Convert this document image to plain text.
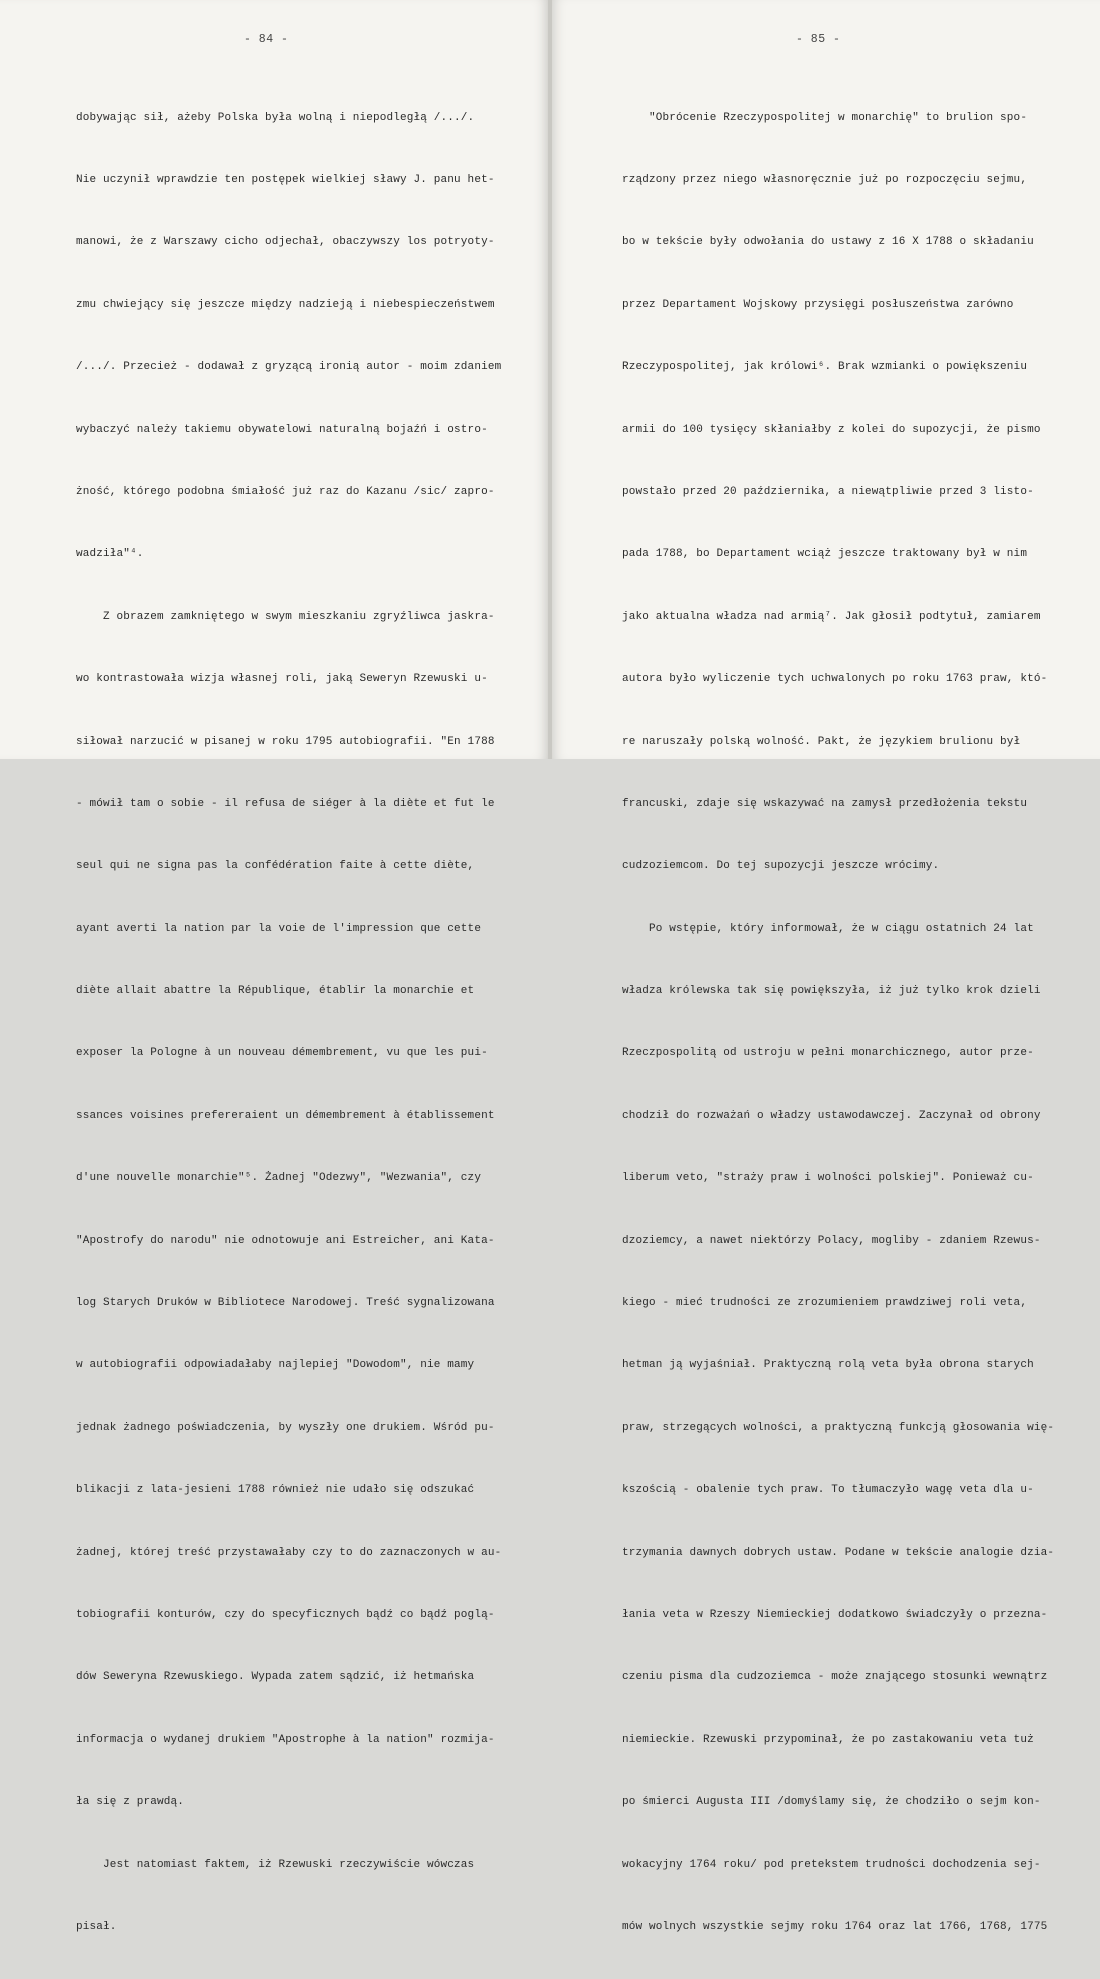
- 84 -

dobywając sił, ażeby Polska była wolną i niepodległą /.../.

Nie uczynił wprawdzie ten postępek wielkiej sławy J. panu het-

manowi, że z Warszawy cicho odjechał, obaczywszy los potryoty-

zmu chwiejący się jeszcze między nadzieją i niebespieczeństwem

/.../. Przecież - dodawał z gryzącą ironią autor - moim zdaniem

wybaczyć należy takiemu obywatelowi naturalną bojaźń i ostro-

żność, którego podobna śmiałość już raz do Kazanu /sic/ zapro-

wadziła"⁴.

Z obrazem zamkniętego w swym mieszkaniu zgryźliwca jaskra-

wo kontrastowała wizja własnej roli, jaką Seweryn Rzewuski u-

siłował narzucić w pisanej w roku 1795 autobiografii. "En 1788

- mówił tam o sobie - il refusa de siéger à la diète et fut le

seul qui ne signa pas la confédération faite à cette diète,

ayant averti la nation par la voie de l'impression que cette

diète allait abattre la République, établir la monarchie et

exposer la Pologne à un nouveau démembrement, vu que les pui-

ssances voisines prefereraient un démembrement à établissement

d'une nouvelle monarchie"⁵. Żadnej "Odezwy", "Wezwania", czy

"Apostrofy do narodu" nie odnotowuje ani Estreicher, ani Kata-

log Starych Druków w Bibliotece Narodowej. Treść sygnalizowana

w autobiografii odpowiadałaby najlepiej "Dowodom", nie mamy

jednak żadnego poświadczenia, by wyszły one drukiem. Wśród pu-

blikacji z lata-jesieni 1788 również nie udało się odszukać

żadnej, której treść przystawałaby czy to do zaznaczonych w au-

tobiografii konturów, czy do specyficznych bądź co bądź poglą-

dów Seweryna Rzewuskiego. Wypada zatem sądzić, iż hetmańska

informacja o wydanej drukiem "Apostrophe à la nation" rozmija-

ła się z prawdą.

Jest natomiast faktem, iż Rzewuski rzeczywiście wówczas

pisał.

- 85 -

"Obrócenie Rzeczypospolitej w monarchię" to brulion spo-

rządzony przez niego własnoręcznie już po rozpoczęciu sejmu,

bo w tekście były odwołania do ustawy z 16 X 1788 o składaniu

przez Departament Wojskowy przysięgi posłuszeństwa zarówno

Rzeczypospolitej, jak królowi⁶. Brak wzmianki o powiększeniu

armii do 100 tysięcy skłaniałby z kolei do supozycji, że pismo

powstało przed 20 października, a niewątpliwie przed 3 listo-

pada 1788, bo Departament wciąż jeszcze traktowany był w nim

jako aktualna władza nad armią⁷. Jak głosił podtytuł, zamiarem

autora było wyliczenie tych uchwalonych po roku 1763 praw, któ-

re naruszały polską wolność. Pakt, że językiem brulionu był

francuski, zdaje się wskazywać na zamysł przedłożenia tekstu

cudzoziemcom. Do tej supozycji jeszcze wrócimy.

Po wstępie, który informował, że w ciągu ostatnich 24 lat

władza królewska tak się powiększyła, iż już tylko krok dzieli

Rzeczpospolitą od ustroju w pełni monarchicznego, autor prze-

chodził do rozważań o władzy ustawodawczej. Zaczynał od obrony

liberum veto, "straży praw i wolności polskiej". Ponieważ cu-

dzoziemcy, a nawet niektórzy Polacy, mogliby - zdaniem Rzewus-

kiego - mieć trudności ze zrozumieniem prawdziwej roli veta,

hetman ją wyjaśniał. Praktyczną rolą veta była obrona starych

praw, strzegących wolności, a praktyczną funkcją głosowania wię-

kszością - obalenie tych praw. To tłumaczyło wagę veta dla u-

trzymania dawnych dobrych ustaw. Podane w tekście analogie dzia-

łania veta w Rzeszy Niemieckiej dodatkowo świadczyły o przezna-

czeniu pisma dla cudzoziemca - może znającego stosunki wewnątrz

niemieckie. Rzewuski przypominał, że po zastakowaniu veta tuż

po śmierci Augusta III /domyślamy się, że chodziło o sejm kon-

wokacyjny 1764 roku/ pod pretekstem trudności dochodzenia sej-

mów wolnych wszystkie sejmy roku 1764 oraz lat 1766, 1768, 1775
